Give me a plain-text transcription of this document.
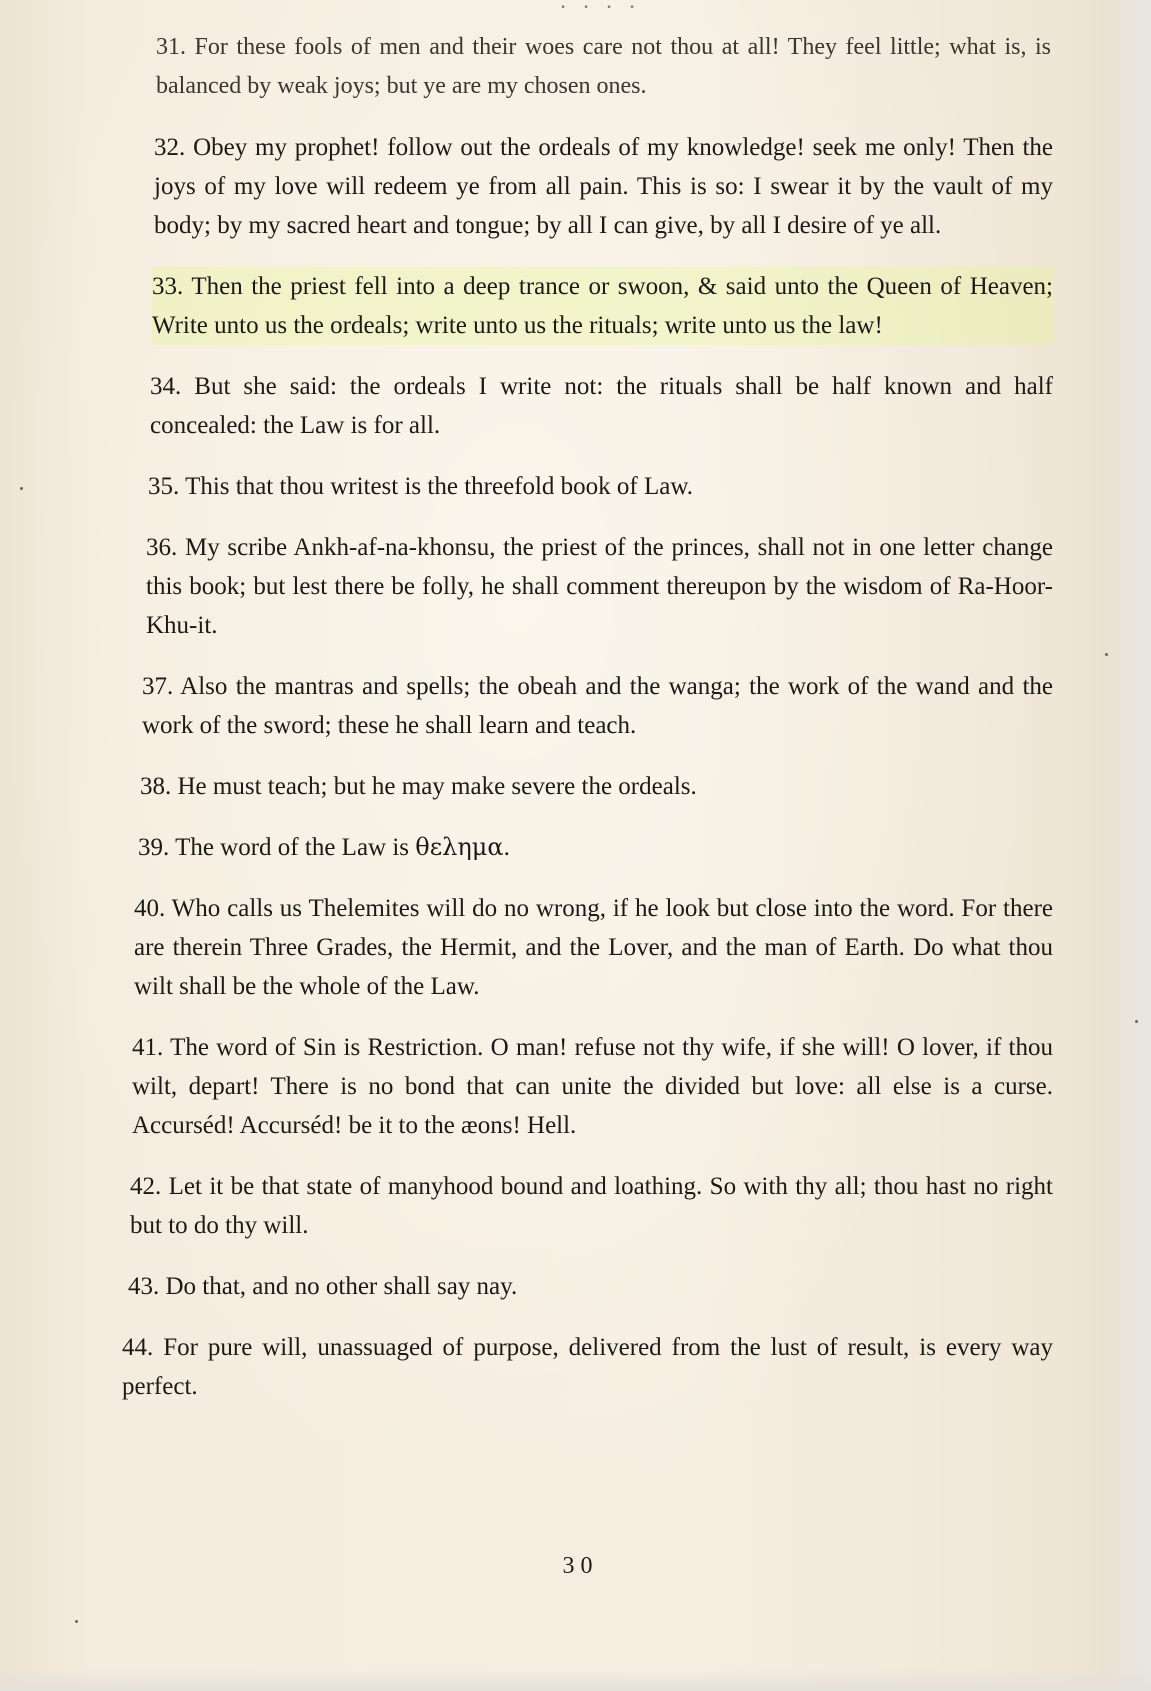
· · · ·

31. For these fools of men and their woes care not thou at all! They feel little; what is, is balanced by weak joys; but ye are my chosen ones.

32. Obey my prophet! follow out the ordeals of my knowledge! seek me only! Then the joys of my love will redeem ye from all pain. This is so: I swear it by the vault of my body; by my sacred heart and tongue; by all I can give, by all I desire of ye all.

33. Then the priest fell into a deep trance or swoon, & said unto the Queen of Heaven; Write unto us the ordeals; write unto us the rituals; write unto us the law!

34. But she said: the ordeals I write not: the rituals shall be half known and half concealed: the Law is for all.

35. This that thou writest is the threefold book of Law.

36. My scribe Ankh-af-na-khonsu, the priest of the princes, shall not in one letter change this book; but lest there be folly, he shall comment thereupon by the wisdom of Ra-Hoor-Khu-it.

37. Also the mantras and spells; the obeah and the wanga; the work of the wand and the work of the sword; these he shall learn and teach.

38. He must teach; but he may make severe the ordeals.

39. The word of the Law is θελημα.

40. Who calls us Thelemites will do no wrong, if he look but close into the word. For there are therein Three Grades, the Hermit, and the Lover, and the man of Earth. Do what thou wilt shall be the whole of the Law.

41. The word of Sin is Restriction. O man! refuse not thy wife, if she will! O lover, if thou wilt, depart! There is no bond that can unite the divided but love: all else is a curse. Accurséd! Accurséd! be it to the æons! Hell.

42. Let it be that state of manyhood bound and loathing. So with thy all; thou hast no right but to do thy will.

43. Do that, and no other shall say nay.

44. For pure will, unassuaged of purpose, delivered from the lust of result, is every way perfect.

30
